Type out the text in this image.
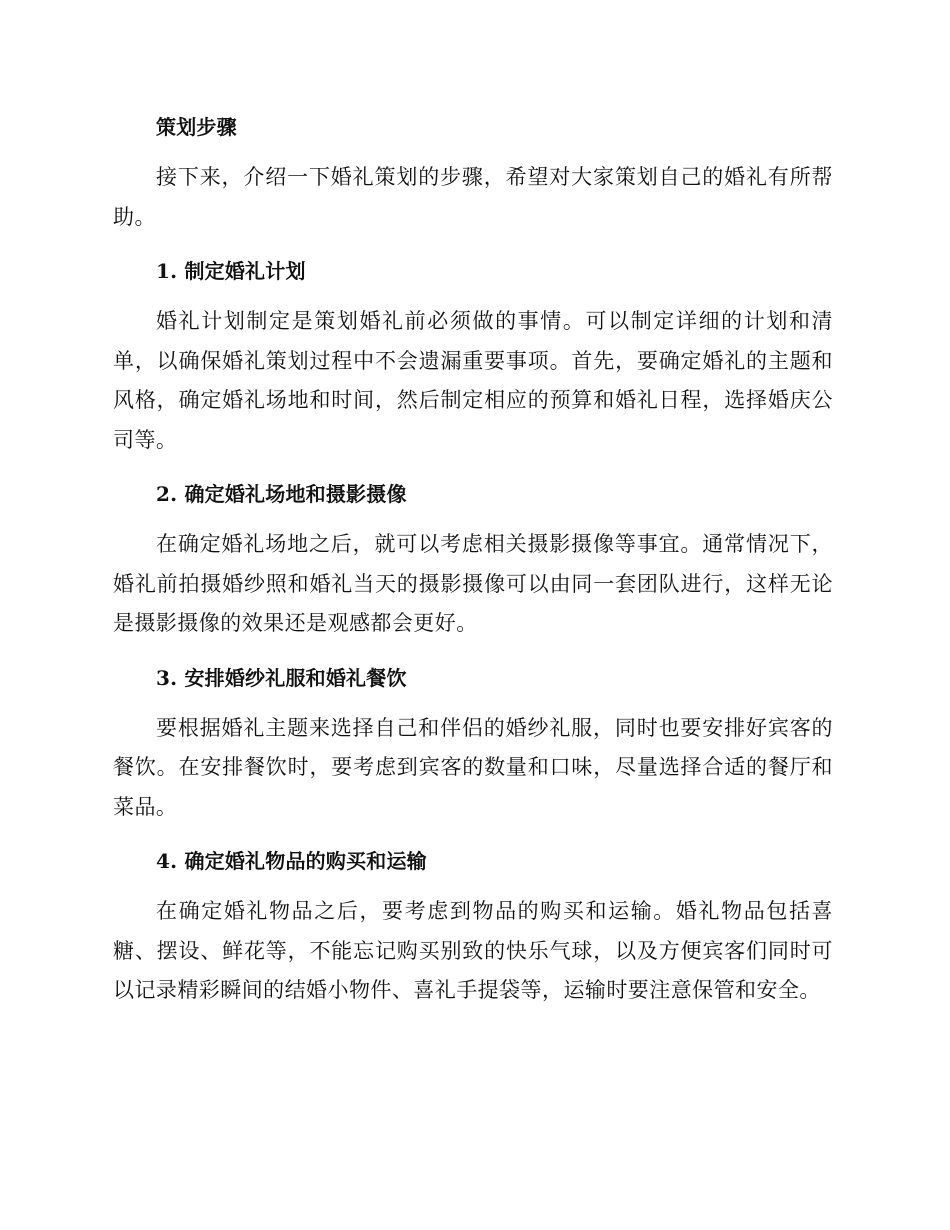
策划步骤

接下来，介绍一下婚礼策划的步骤，希望对大家策划自己的婚礼有所帮助。

1. 制定婚礼计划

婚礼计划制定是策划婚礼前必须做的事情。可以制定详细的计划和清单，以确保婚礼策划过程中不会遗漏重要事项。首先，要确定婚礼的主题和风格，确定婚礼场地和时间，然后制定相应的预算和婚礼日程，选择婚庆公司等。

2. 确定婚礼场地和摄影摄像

在确定婚礼场地之后，就可以考虑相关摄影摄像等事宜。通常情况下，婚礼前拍摄婚纱照和婚礼当天的摄影摄像可以由同一套团队进行，这样无论是摄影摄像的效果还是观感都会更好。

3. 安排婚纱礼服和婚礼餐饮

要根据婚礼主题来选择自己和伴侣的婚纱礼服，同时也要安排好宾客的餐饮。在安排餐饮时，要考虑到宾客的数量和口味，尽量选择合适的餐厅和菜品。

4. 确定婚礼物品的购买和运输

在确定婚礼物品之后，要考虑到物品的购买和运输。婚礼物品包括喜糖、摆设、鲜花等，不能忘记购买别致的快乐气球，以及方便宾客们同时可以记录精彩瞬间的结婚小物件、喜礼手提袋等，运输时要注意保管和安全。
